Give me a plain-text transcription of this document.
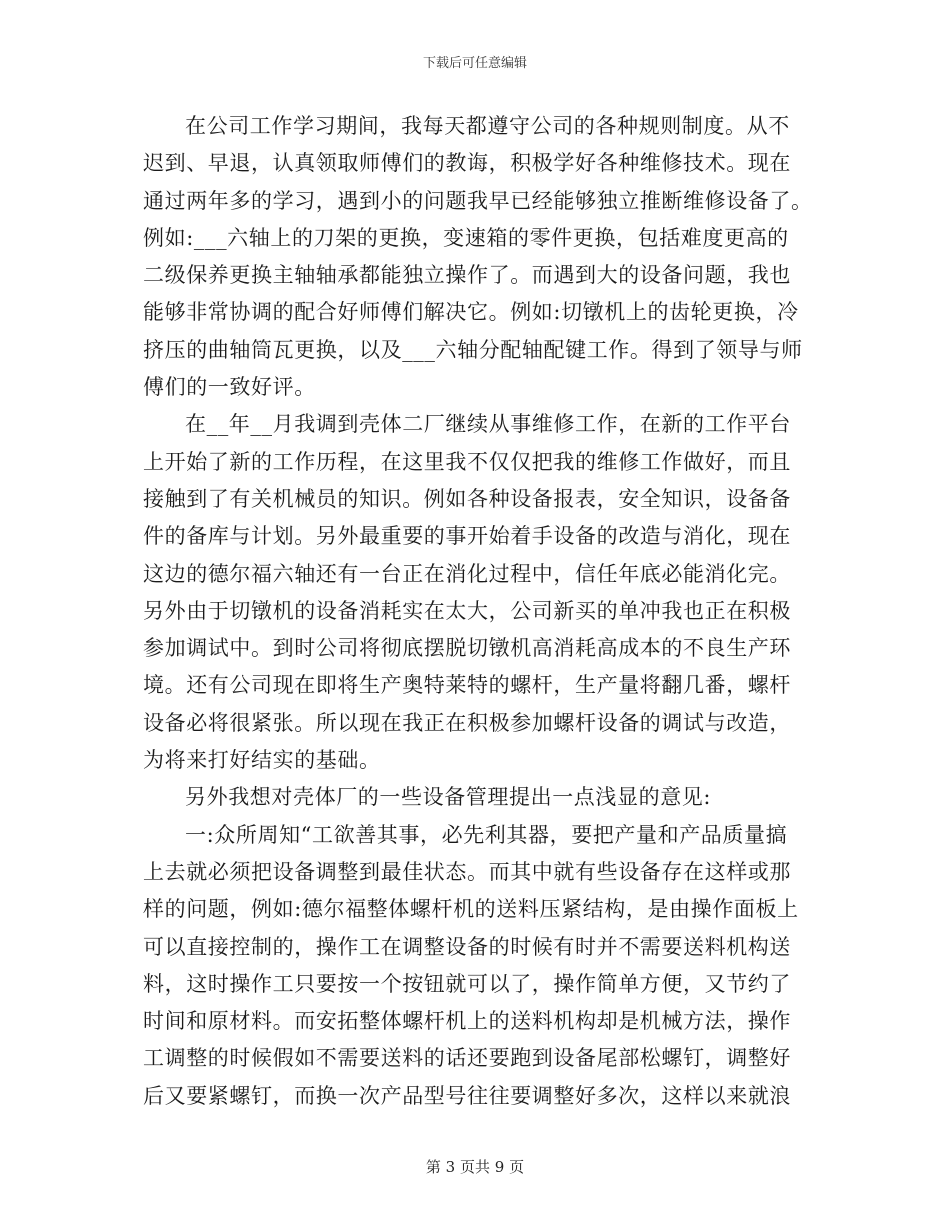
下载后可任意编辑
在公司工作学习期间，我每天都遵守公司的各种规则制度。从不
迟到、早退，认真领取师傅们的教诲，积极学好各种维修技术。现在
通过两年多的学习，遇到小的问题我早已经能够独立推断维修设备了。
例如:___六轴上的刀架的更换，变速箱的零件更换，包括难度更高的
二级保养更换主轴轴承都能独立操作了。而遇到大的设备问题，我也
能够非常协调的配合好师傅们解决它。例如:切镦机上的齿轮更换，冷
挤压的曲轴筒瓦更换，以及___六轴分配轴配键工作。得到了领导与师
傅们的一致好评。
在__年__月我调到壳体二厂继续从事维修工作，在新的工作平台
上开始了新的工作历程，在这里我不仅仅把我的维修工作做好，而且
接触到了有关机械员的知识。例如各种设备报表，安全知识，设备备
件的备库与计划。另外最重要的事开始着手设备的改造与消化，现在
这边的德尔福六轴还有一台正在消化过程中，信任年底必能消化完。
另外由于切镦机的设备消耗实在太大，公司新买的单冲我也正在积极
参加调试中。到时公司将彻底摆脱切镦机高消耗高成本的不良生产环
境。还有公司现在即将生产奥特莱特的螺杆，生产量将翻几番，螺杆
设备必将很紧张。所以现在我正在积极参加螺杆设备的调试与改造，
为将来打好结实的基础。
另外我想对壳体厂的一些设备管理提出一点浅显的意见:
一:众所周知“工欲善其事，必先利其器，要把产量和产品质量搞
上去就必须把设备调整到最佳状态。而其中就有些设备存在这样或那
样的问题，例如:德尔福整体螺杆机的送料压紧结构，是由操作面板上
可以直接控制的，操作工在调整设备的时候有时并不需要送料机构送
料，这时操作工只要按一个按钮就可以了，操作简单方便，又节约了
时间和原材料。而安拓整体螺杆机上的送料机构却是机械方法，操作
工调整的时候假如不需要送料的话还要跑到设备尾部松螺钉，调整好
后又要紧螺钉，而换一次产品型号往往要调整好多次，这样以来就浪
第 3 页共 9 页
